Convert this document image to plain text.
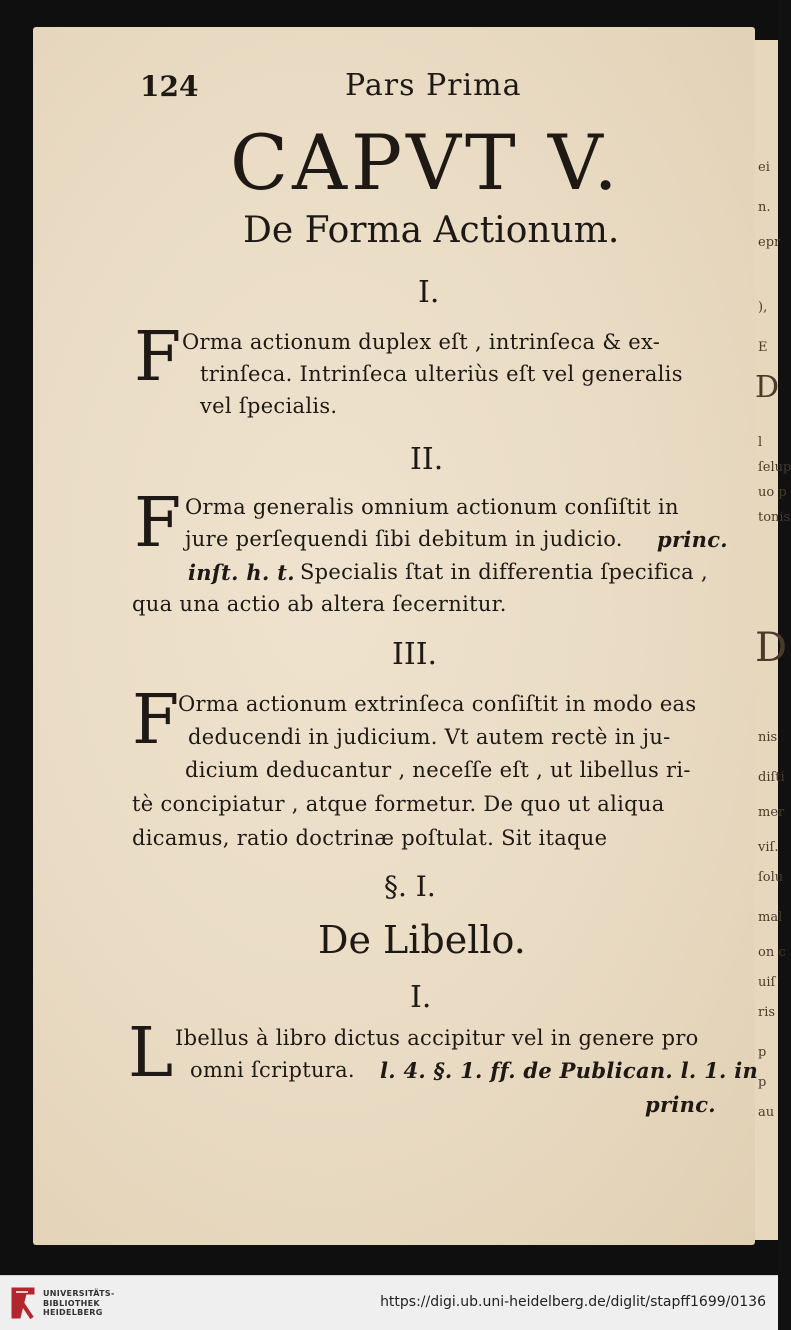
),
ei
n.
epr
E
D
l
ſelup
uo p
tonis
D
nis
diſti
mer
viſ.
ſolu
mal
on c
uiſ
ris
p
p
au
124	Pars Prima
CAPVT V.
De Forma Actionum.
I.
F Orma actionum duplex eſt , intrinſeca & ex-
trinſeca. Intrinſeca ulteriùs eſt vel generalis
vel ſpecialis.
II.
F Orma generalis omnium actionum conſiſtit in
jure perſequendi ſibi debitum in judicio. princ.
inſt. h. t. Specialis ſtat in differentia ſpecifica ,
qua una actio ab altera ſecernitur.
III.
F
Orma actionum extrinſeca conſiſtit in modo eas
deducendi in judicium. Vt autem rectè in ju-
dicium deducantur , neceſſe eſt , ut libellus ri-
tè concipiatur , atque formetur. De quo ut aliqua
dicamus, ratio doctrinæ poſtulat. Sit itaque
§. I.
De Libello.
I.
L Ibellus à libro dictus accipitur vel in genere pro
omni ſcriptura. l. 4. §. 1. ff. de Publican. l. 1. in
princ.
UNIVERSITÄTS-
BIBLIOTHEK
HEIDELBERG
https://digi.ub.uni-heidelberg.de/diglit/stapff1699/0136
